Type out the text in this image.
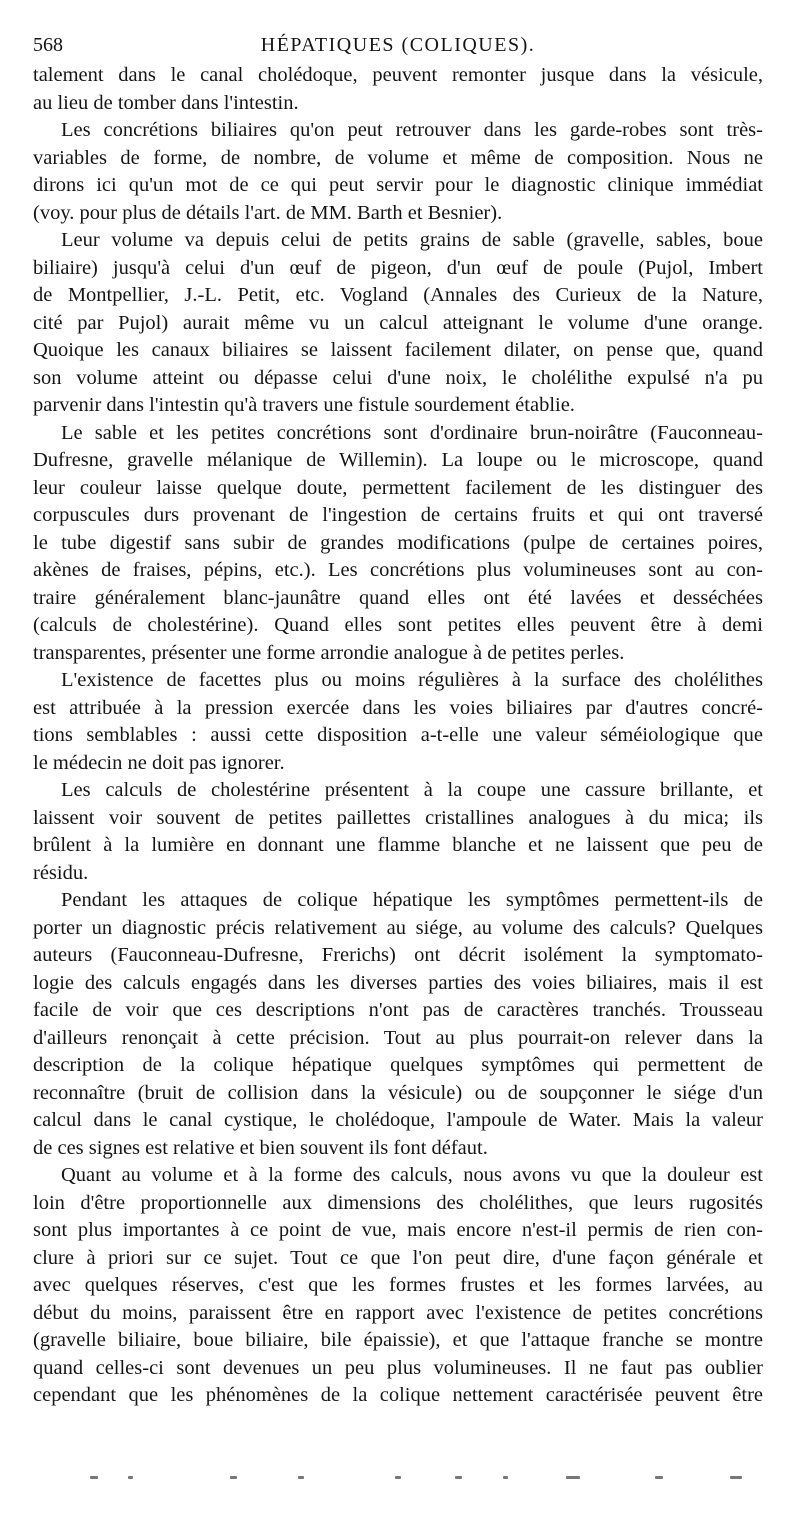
568	HÉPATIQUES (COLIQUES).
talement dans le canal cholédoque, peuvent remonter jusque dans la vésicule,
au lieu de tomber dans l'intestin.
Les concrétions biliaires qu'on peut retrouver dans les garde-robes sont très-
variables de forme, de nombre, de volume et même de composition. Nous ne
dirons ici qu'un mot de ce qui peut servir pour le diagnostic clinique immédiat
(voy. pour plus de détails l'art. de MM. Barth et Besnier).
Leur volume va depuis celui de petits grains de sable (gravelle, sables, boue
biliaire) jusqu'à celui d'un œuf de pigeon, d'un œuf de poule (Pujol, Imbert
de Montpellier, J.-L. Petit, etc. Vogland (Annales des Curieux de la Nature,
cité par Pujol) aurait même vu un calcul atteignant le volume d'une orange.
Quoique les canaux biliaires se laissent facilement dilater, on pense que, quand
son volume atteint ou dépasse celui d'une noix, le cholélithe expulsé n'a pu
parvenir dans l'intestin qu'à travers une fistule sourdement établie.
Le sable et les petites concrétions sont d'ordinaire brun-noirâtre (Fauconneau-
Dufresne, gravelle mélanique de Willemin). La loupe ou le microscope, quand
leur couleur laisse quelque doute, permettent facilement de les distinguer des
corpuscules durs provenant de l'ingestion de certains fruits et qui ont traversé
le tube digestif sans subir de grandes modifications (pulpe de certaines poires,
akènes de fraises, pépins, etc.). Les concrétions plus volumineuses sont au con-
traire généralement blanc-jaunâtre quand elles ont été lavées et desséchées
(calculs de cholestérine). Quand elles sont petites elles peuvent être à demi
transparentes, présenter une forme arrondie analogue à de petites perles.
L'existence de facettes plus ou moins régulières à la surface des cholélithes
est attribuée à la pression exercée dans les voies biliaires par d'autres concré-
tions semblables : aussi cette disposition a-t-elle une valeur séméiologique que
le médecin ne doit pas ignorer.
Les calculs de cholestérine présentent à la coupe une cassure brillante, et
laissent voir souvent de petites paillettes cristallines analogues à du mica; ils
brûlent à la lumière en donnant une flamme blanche et ne laissent que peu de
résidu.
Pendant les attaques de colique hépatique les symptômes permettent-ils de
porter un diagnostic précis relativement au siége, au volume des calculs? Quelques
auteurs (Fauconneau-Dufresne, Frerichs) ont décrit isolément la symptomato-
logie des calculs engagés dans les diverses parties des voies biliaires, mais il est
facile de voir que ces descriptions n'ont pas de caractères tranchés. Trousseau
d'ailleurs renonçait à cette précision. Tout au plus pourrait-on relever dans la
description de la colique hépatique quelques symptômes qui permettent de
reconnaître (bruit de collision dans la vésicule) ou de soupçonner le siége d'un
calcul dans le canal cystique, le cholédoque, l'ampoule de Water. Mais la valeur
de ces signes est relative et bien souvent ils font défaut.
Quant au volume et à la forme des calculs, nous avons vu que la douleur est
loin d'être proportionnelle aux dimensions des cholélithes, que leurs rugosités
sont plus importantes à ce point de vue, mais encore n'est-il permis de rien con-
clure à priori sur ce sujet. Tout ce que l'on peut dire, d'une façon générale et
avec quelques réserves, c'est que les formes frustes et les formes larvées, au
début du moins, paraissent être en rapport avec l'existence de petites concrétions
(gravelle biliaire, boue biliaire, bile épaissie), et que l'attaque franche se montre
quand celles-ci sont devenues un peu plus volumineuses. Il ne faut pas oublier
cependant que les phénomènes de la colique nettement caractérisée peuvent être
